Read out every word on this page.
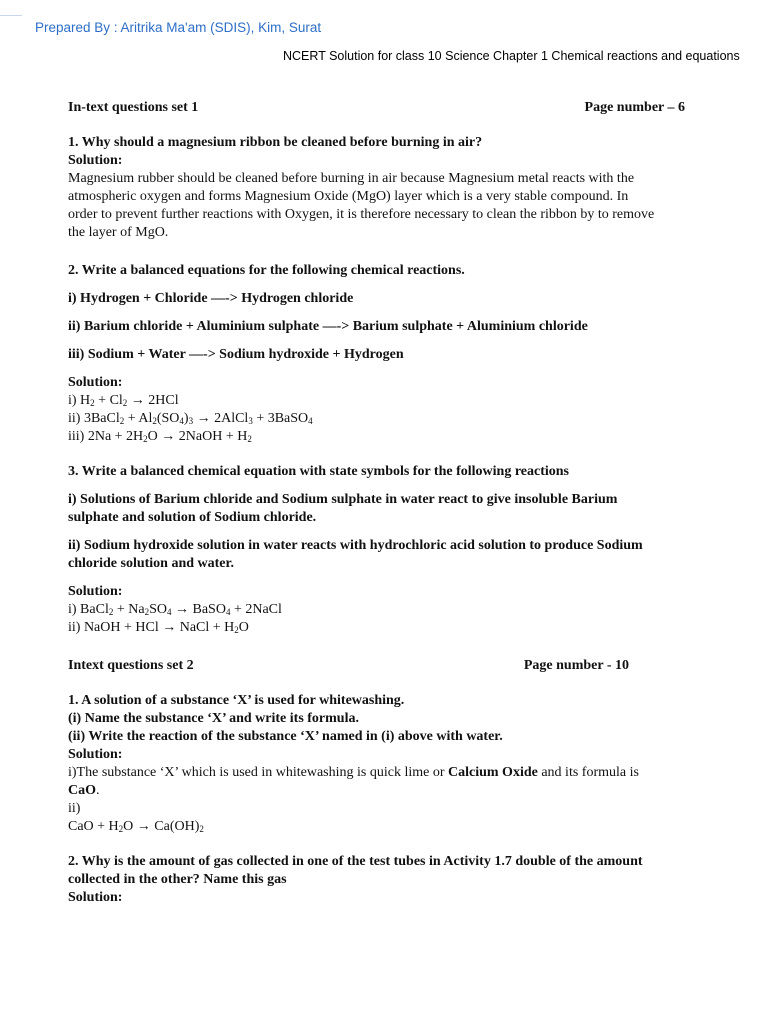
Prepared By : Aritrika Ma'am (SDIS), Kim, Surat
NCERT Solution for class 10 Science Chapter 1 Chemical reactions and equations
In-text questions set 1	Page number – 6

1. Why should a magnesium ribbon be cleaned before burning in air?

Solution:

Magnesium rubber should be cleaned before burning in air because Magnesium metal reacts with the

atmospheric oxygen and forms Magnesium Oxide (MgO) layer which is a very stable compound. In

order to prevent further reactions with Oxygen, it is therefore necessary to clean the ribbon by to remove

the layer of MgO.

2. Write a balanced equations for the following chemical reactions.

i) Hydrogen + Chloride —-> Hydrogen chloride

ii) Barium chloride + Aluminium sulphate —-> Barium sulphate + Aluminium chloride

iii) Sodium + Water —-> Sodium hydroxide + Hydrogen

Solution:

i) $H_2 + Cl_2 \to 2HCl$

ii) 3BaCl$_2$ + $Al_2(SO_4)_3$ → 2AlCl$_3$ + 3BaSO$_4$

iii) $2Na + 2H_2O$ → 2NaOH + $H_2$

3. Write a balanced chemical equation with state symbols for the following reactions

i) Solutions of Barium chloride and Sodium sulphate in water react to give insoluble Barium

sulphate and solution of Sodium chloride.

ii) Sodium hydroxide solution in water reacts with hydrochloric acid solution to produce Sodium

chloride solution and water.

Solution:

i) BaCl$_2$ + $Na_2SO_4$ → BaSO$_4$ + 2NaCl

ii) NaOH + HCl → NaCl + $H_2O$

Intext questions set 2	Page number - 10

1. A solution of a substance ‘X’ is used for whitewashing.

(i) Name the substance ‘X’ and write its formula.

(ii) Write the reaction of the substance ‘X’ named in (i) above with water.

Solution:

i)The substance ‘X’ which is used in whitewashing is quick lime or Calcium Oxide and its formula is

CaO.

ii)

CaO + $H_2O \to Ca(OH)_2$

2. Why is the amount of gas collected in one of the test tubes in Activity 1.7 double of the amount

collected in the other? Name this gas

Solution:
